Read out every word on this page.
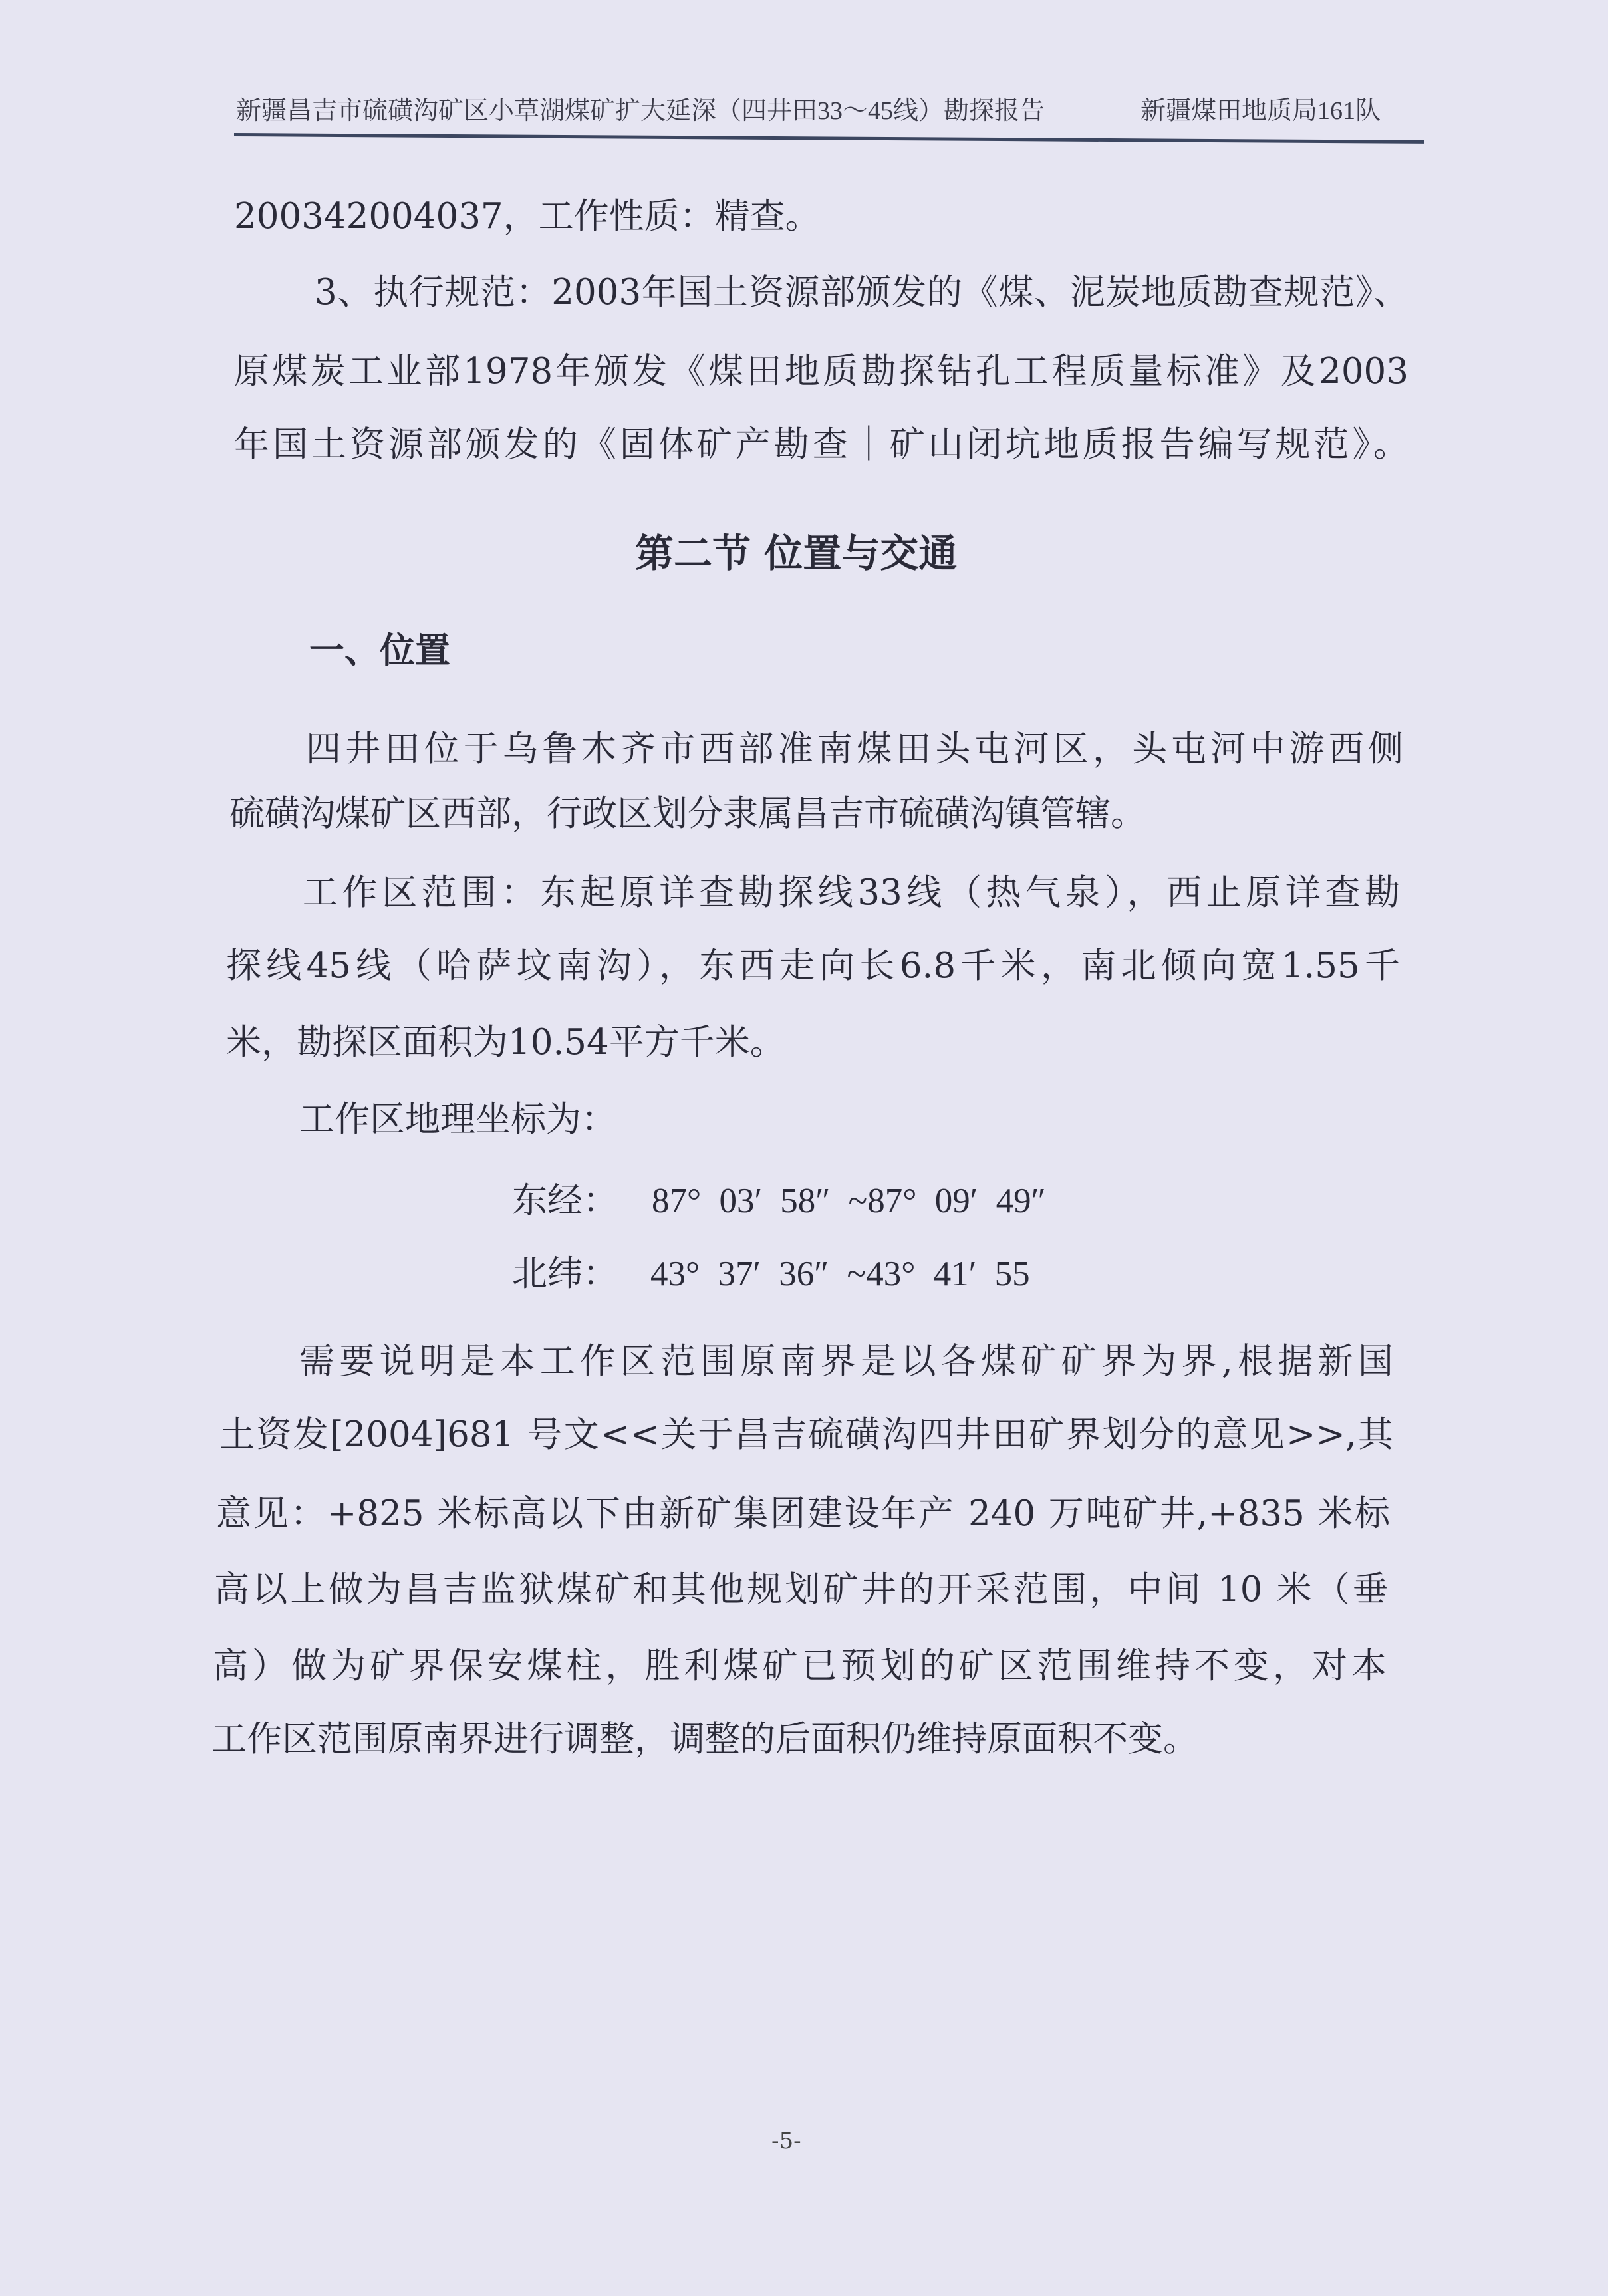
新疆昌吉市硫磺沟矿区小草湖煤矿扩大延深（四井田33～45线）勘探报告	新疆煤田地质局161队
200342004037，工作性质：精查。
3、执行规范：2003年国土资源部颁发的《煤、泥炭地质勘查规范》、
原煤炭工业部1978年颁发《煤田地质勘探钻孔工程质量标准》及2003
年国土资源部颁发的《固体矿产勘查｜矿山闭坑地质报告编写规范》。
第二节 位置与交通
一、位置
四井田位于乌鲁木齐市西部准南煤田头屯河区，头屯河中游西侧
硫磺沟煤矿区西部，行政区划分隶属昌吉市硫磺沟镇管辖。
工作区范围：东起原详查勘探线33线（热气泉），西止原详查勘
探线45线（哈萨坟南沟），东西走向长6.8千米，南北倾向宽1.55千
米，勘探区面积为10.54平方千米。
工作区地理坐标为：
东经： 87° 03′ 58″ ~87° 09′ 49″
北纬： 43° 37′ 36″ ~43° 41′ 55
需要说明是本工作区范围原南界是以各煤矿矿界为界,根据新国
土资发[2004]681 号文<<关于昌吉硫磺沟四井田矿界划分的意见>>,其
意见：+825 米标高以下由新矿集团建设年产 240 万吨矿井,+835 米标
高以上做为昌吉监狱煤矿和其他规划矿井的开采范围，中间 10 米（垂
高）做为矿界保安煤柱，胜利煤矿已预划的矿区范围维持不变，对本
工作区范围原南界进行调整，调整的后面积仍维持原面积不变。
-5-
